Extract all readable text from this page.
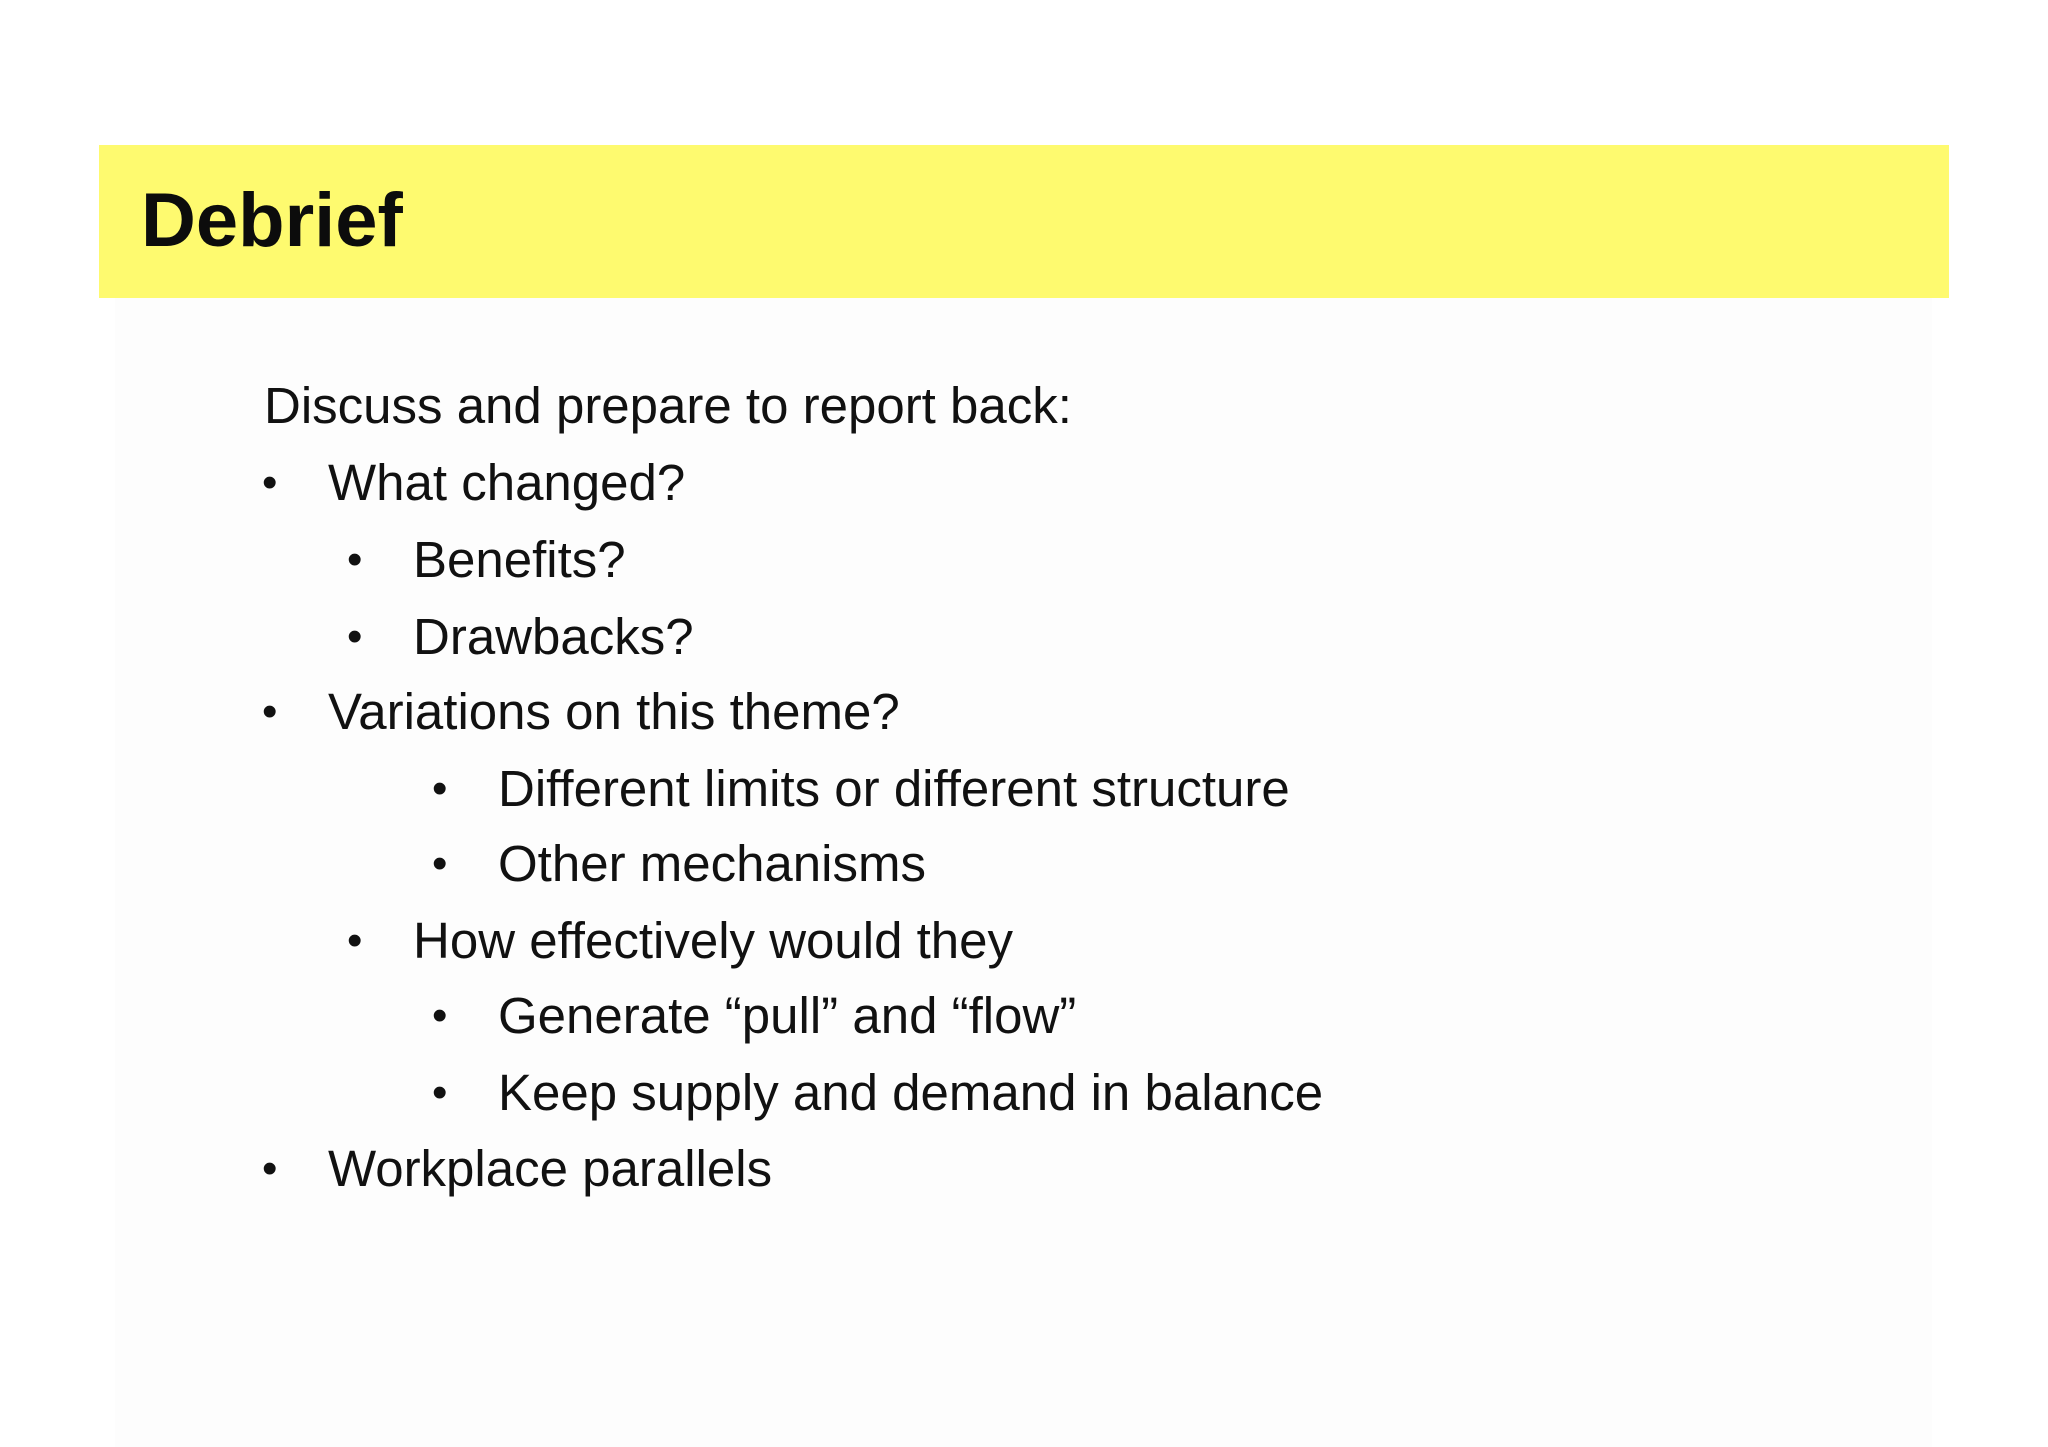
Debrief
Discuss and prepare to report back:
• What changed?
• Benefits?
• Drawbacks?
• Variations on this theme?
• Different limits or different structure
• Other mechanisms
• How effectively would they
• Generate “pull” and “flow”
• Keep supply and demand in balance
• Workplace parallels
